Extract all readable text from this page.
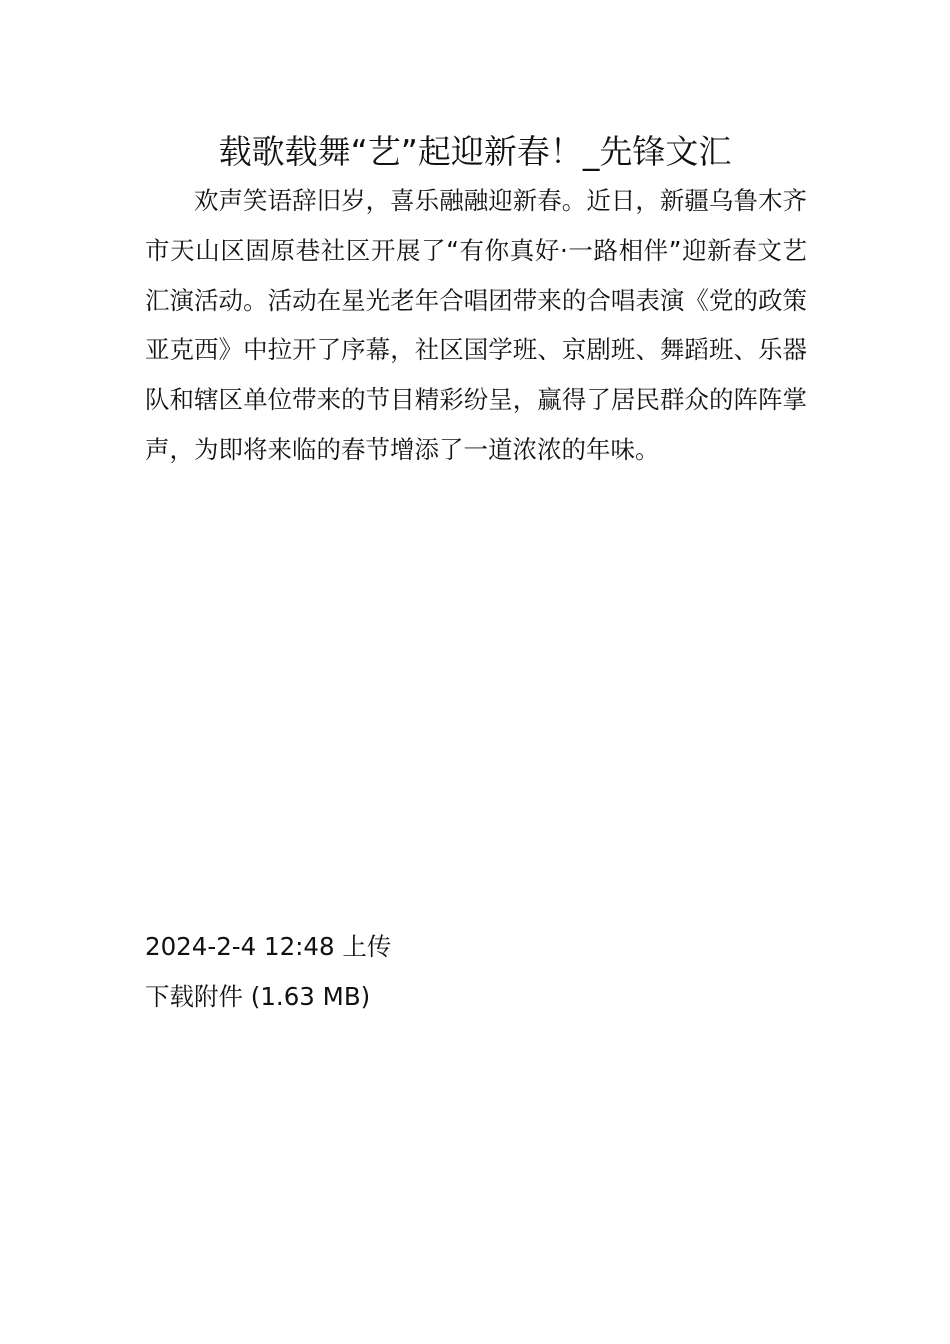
载歌载舞“艺”起迎新春！_先锋文汇

欢声笑语辞旧岁，喜乐融融迎新春。近日，新疆乌鲁木齐市天山区固原巷社区开展了“有你真好·一路相伴”迎新春文艺汇演活动。活动在星光老年合唱团带来的合唱表演《党的政策亚克西》中拉开了序幕，社区国学班、京剧班、舞蹈班、乐器队和辖区单位带来的节目精彩纷呈，赢得了居民群众的阵阵掌声，为即将来临的春节增添了一道浓浓的年味。

2024-2-4 12:48 上传
下载附件 (1.63 MB)
